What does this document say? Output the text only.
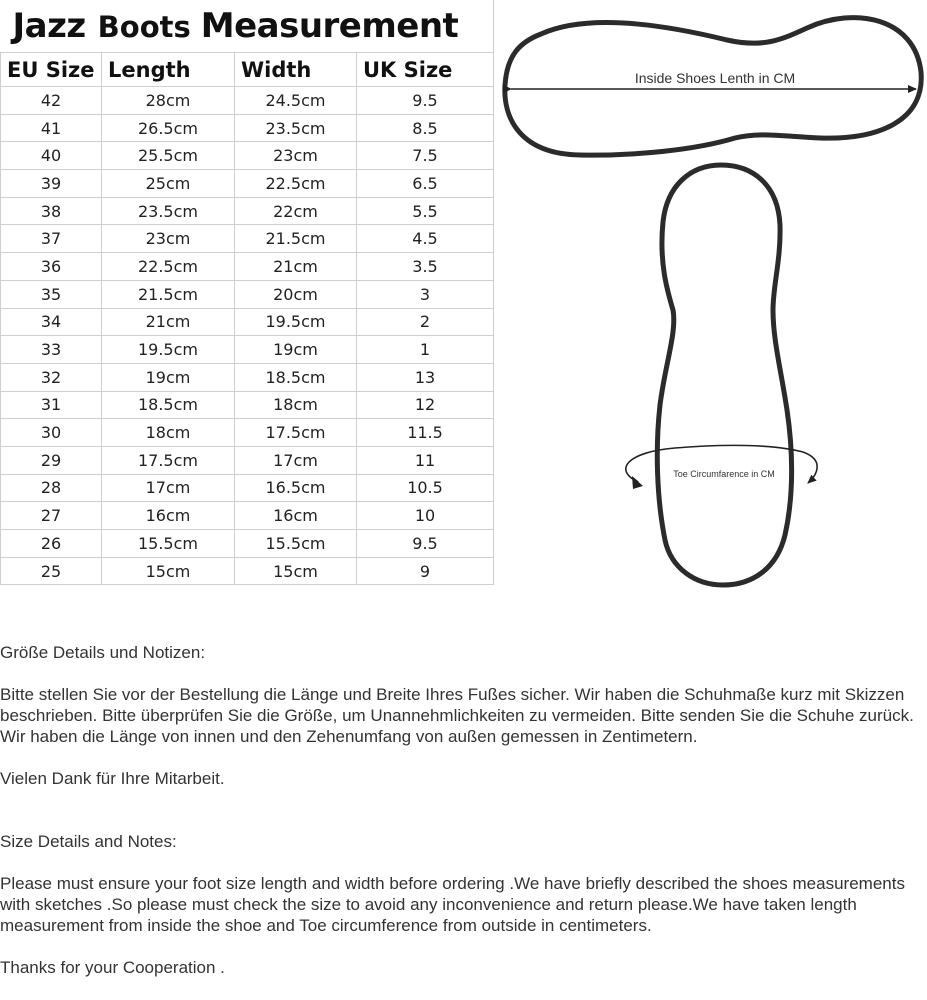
Jazz Boots Measurement			
EU Size	Length	Width	UK Size
42	28cm	24.5cm	9.5
41	26.5cm	23.5cm	8.5
40	25.5cm	23cm	7.5
39	25cm	22.5cm	6.5
38	23.5cm	22cm	5.5
37	23cm	21.5cm	4.5
36	22.5cm	21cm	3.5
35	21.5cm	20cm	3
34	21cm	19.5cm	2
33	19.5cm	19cm	1
32	19cm	18.5cm	13
31	18.5cm	18cm	12
30	18cm	17.5cm	11.5
29	17.5cm	17cm	11
28	17cm	16.5cm	10.5
27	16cm	16cm	10
26	15.5cm	15.5cm	9.5
25	15cm	15cm	9
Inside Shoes Lenth in CM
Toe Circumfarence in CM

Größe Details und Notizen:

Bitte stellen Sie vor der Bestellung die Länge und Breite Ihres Fußes sicher. Wir haben die Schuhmaße kurz mit Skizzen beschrieben. Bitte überprüfen Sie die Größe, um Unannehmlichkeiten zu vermeiden. Bitte senden Sie die Schuhe zurück. Wir haben die Länge von innen und den Zehenumfang von außen gemessen in Zentimetern.

Vielen Dank für Ihre Mitarbeit.

Size Details and Notes:

Please must ensure your foot size length and width before ordering .We have briefly described the shoes measurements with sketches .So please must check the size to avoid any inconvenience and return please.We have taken length measurement from inside the shoe and Toe circumference from outside in centimeters.

Thanks for your Cooperation .
